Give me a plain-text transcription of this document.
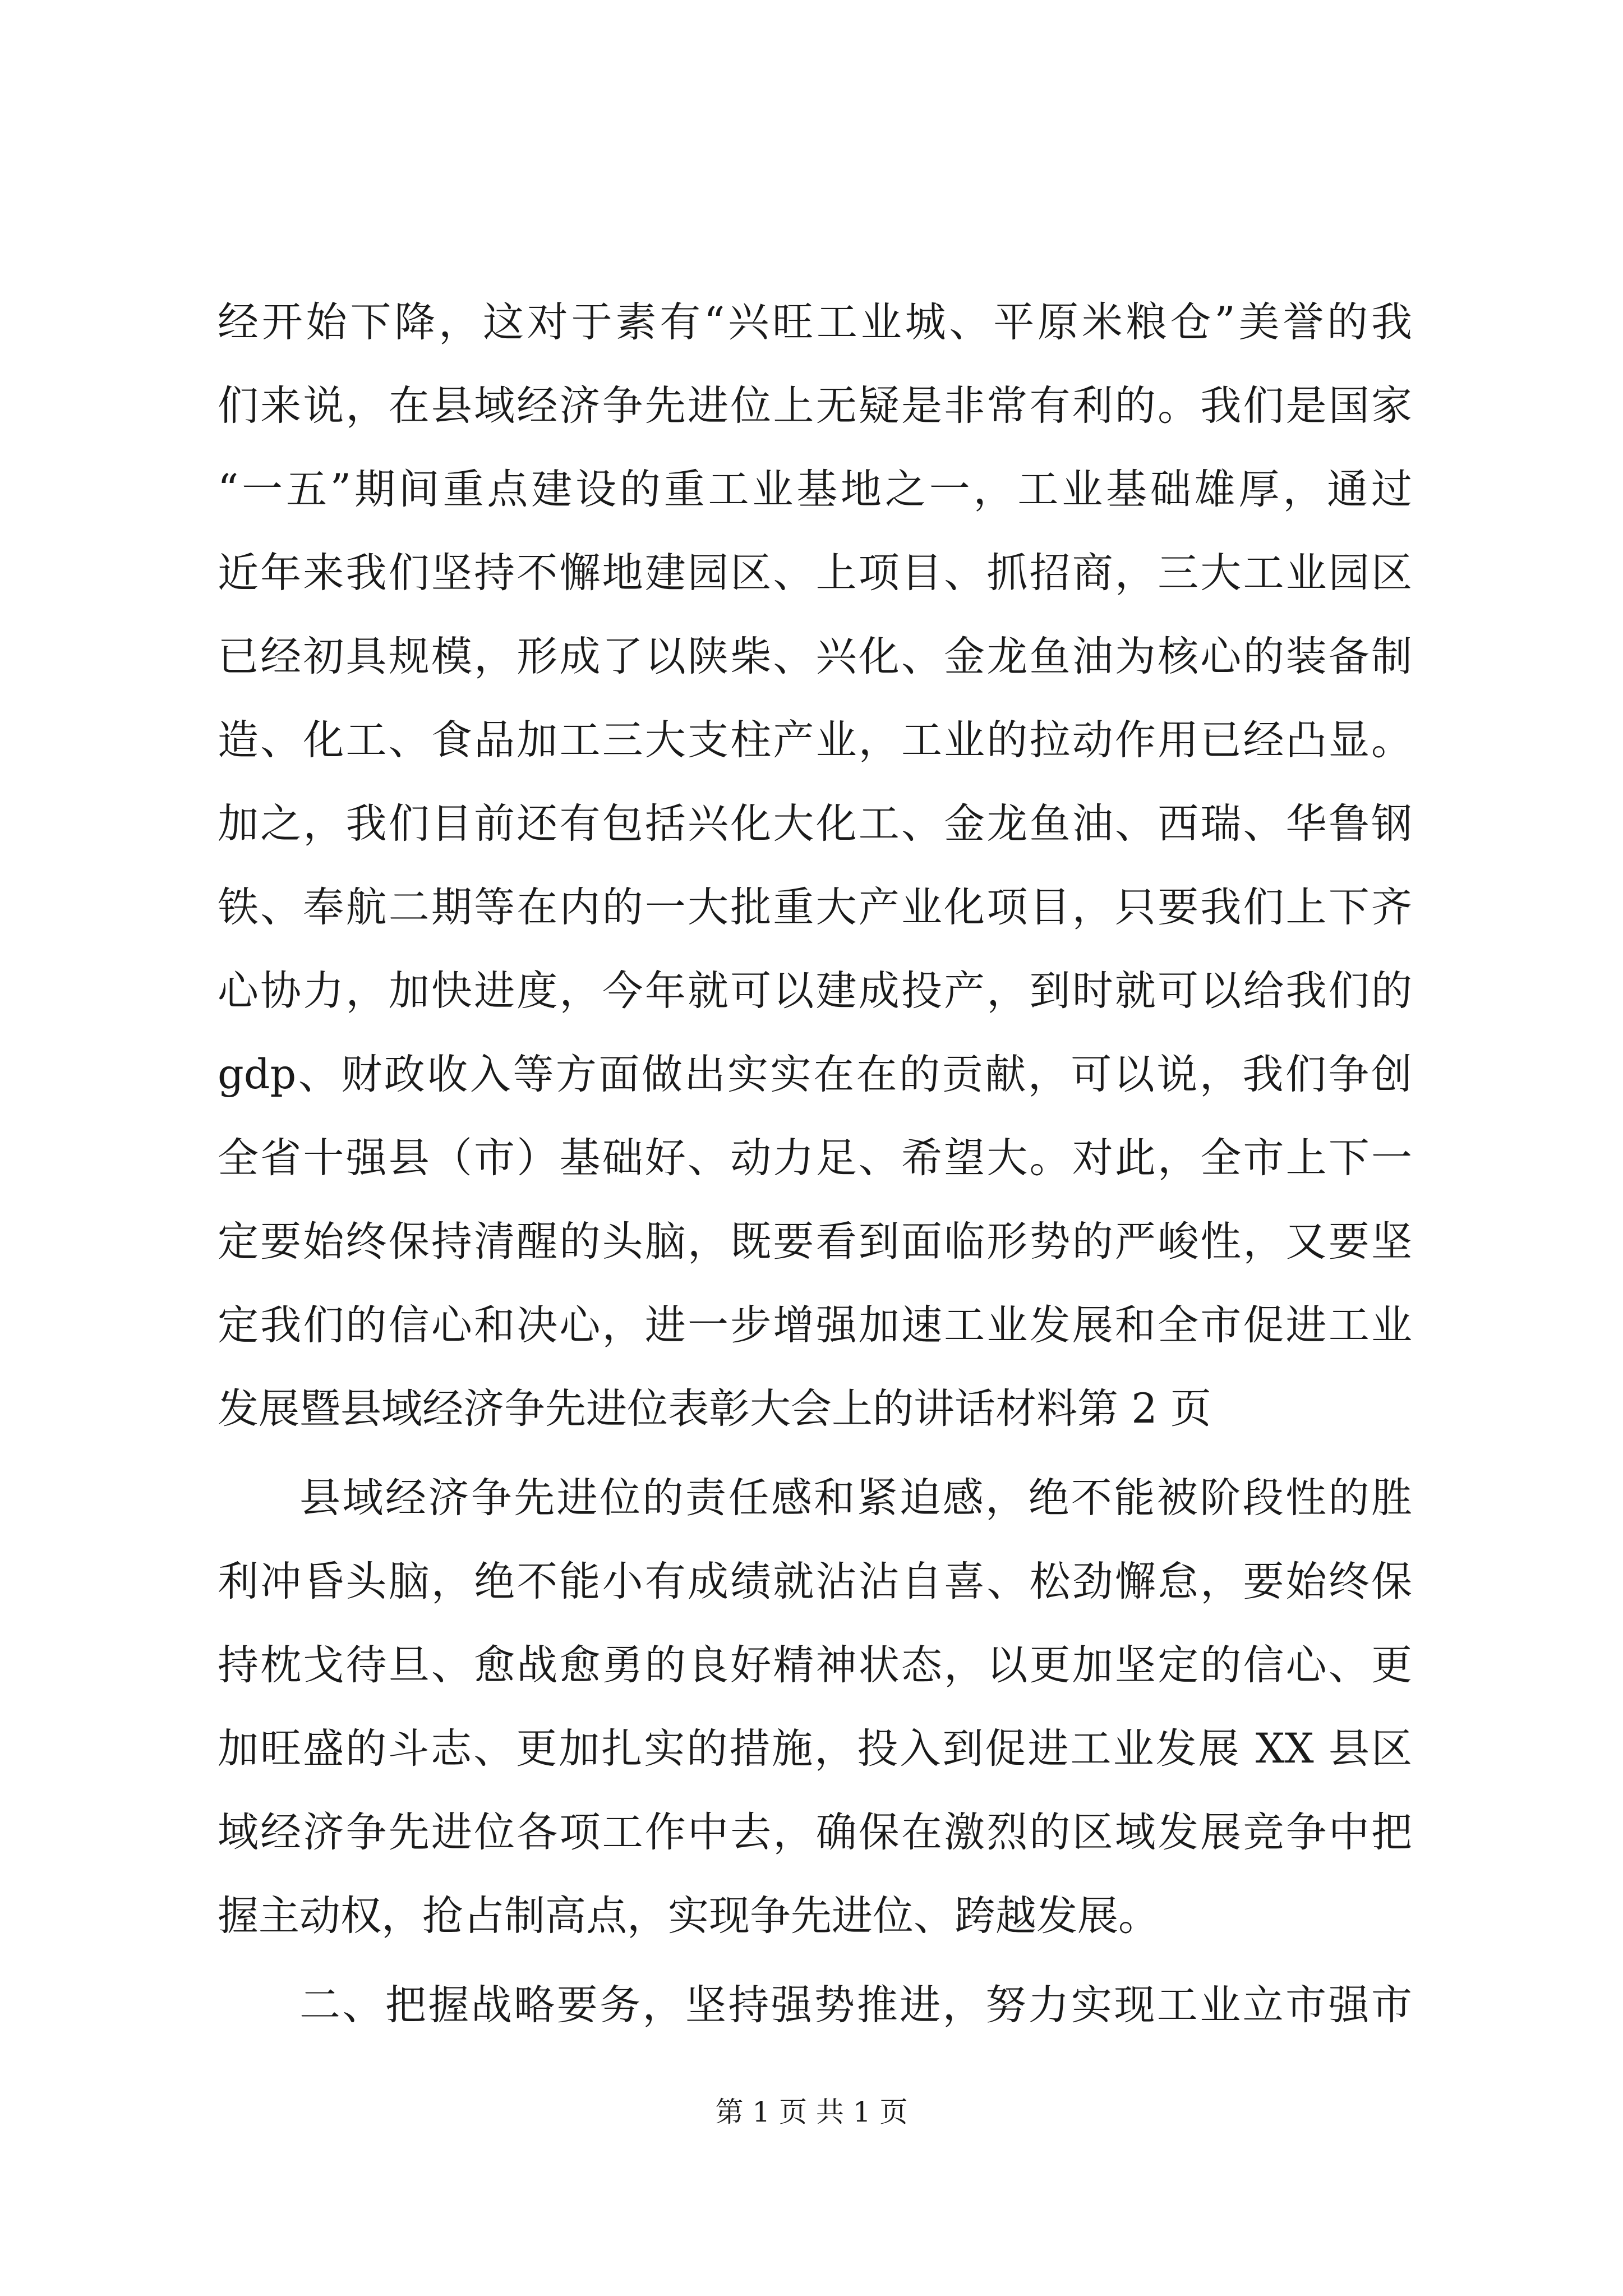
经开始下降，这对于素有“兴旺工业城、平原米粮仓”美誉的我
们来说，在县域经济争先进位上无疑是非常有利的。我们是国家
“一五”期间重点建设的重工业基地之一，工业基础雄厚，通过
近年来我们坚持不懈地建园区、上项目、抓招商，三大工业园区
已经初具规模，形成了以陕柴、兴化、金龙鱼油为核心的装备制
造、化工、食品加工三大支柱产业，工业的拉动作用已经凸显。
加之，我们目前还有包括兴化大化工、金龙鱼油、西瑞、华鲁钢
铁、奉航二期等在内的一大批重大产业化项目，只要我们上下齐
心协力，加快进度，今年就可以建成投产，到时就可以给我们的
gdp、财政收入等方面做出实实在在的贡献，可以说，我们争创
全省十强县（市）基础好、动力足、希望大。对此，全市上下一
定要始终保持清醒的头脑，既要看到面临形势的严峻性，又要坚
定我们的信心和决心，进一步增强加速工业发展和全市促进工业
发展暨县域经济争先进位表彰大会上的讲话材料第 2 页
县域经济争先进位的责任感和紧迫感，绝不能被阶段性的胜
利冲昏头脑，绝不能小有成绩就沾沾自喜、松劲懈怠，要始终保
持枕戈待旦、愈战愈勇的良好精神状态，以更加坚定的信心、更
加旺盛的斗志、更加扎实的措施，投入到促进工业发展 XX 县区
域经济争先进位各项工作中去，确保在激烈的区域发展竞争中把
握主动权，抢占制高点，实现争先进位、跨越发展。
二、把握战略要务，坚持强势推进，努力实现工业立市强市
第 1 页 共 1 页
